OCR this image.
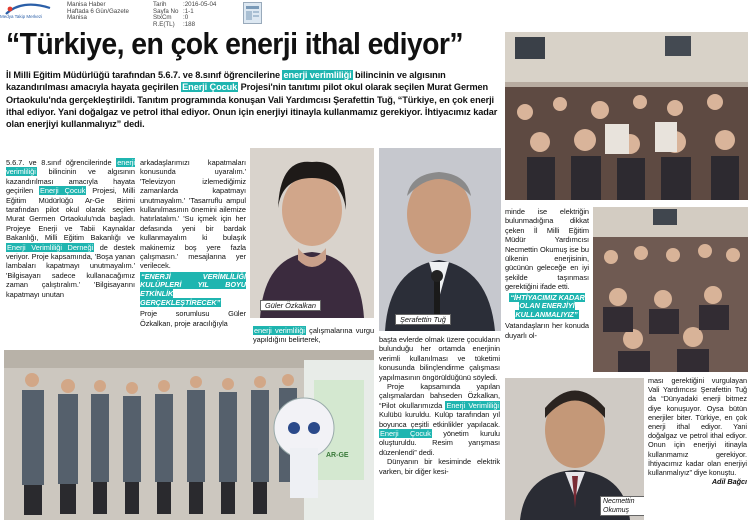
Medya Takip Merkezi
Manisa Haber
Haftada 6 Gün/Gazete
Manisa
Tarih
Sayfa No
StxCm
R.E(TL)
:2016-05-04
:1-1
:0
:188
“Türkiye, en çok enerji ithal ediyor”
İl Milli Eğitim Müdürlüğü tarafından 5.6.7. ve 8.sınıf öğrencilerine enerji verimliliği bilincinin ve algısının kazandırılması amacıyla hayata geçirilen Enerji Çocuk Projesi'nin tanıtımı pilot okul olarak seçilen Murat Germen Ortaokulu'nda gerçekleştirildi. Tanıtım programında konuşan Vali Yardımcısı Şerafettin Tuğ, “Türkiye, en çok enerji ithal ediyor. Yani doğalgaz ve petrol ithal ediyor. Onun için enerjiyi itinayla kullanmamız gerekiyor. İhtiyacımız kadar olan enerjiyi kullanmalıyız” dedi.
Necmettin
Okumuş
5.6.7. ve 8.sınıf öğrencilerinde enerji verimliliği bilincinin ve algısının kazandırılması amacıyla hayata geçirilen Enerji Çocuk Projesi, Milli Eğitim Müdürlüğü Ar-Ge Birimi tarafından pilot okul olarak seçilen Murat Germen Ortaokulu'nda başladı. Projeye Enerji ve Tabii Kaynaklar Bakanlığı, Milli Eğitim Bakanlığı ve Enerji Verimliliği Derneği de destek veriyor. Proje kapsamında, 'Boşa yanan lambaları kapatmayı unutmayalım.' 'Bilgisayarı sadece kullanacağımız zaman çalıştıralım.' 'Bilgisayarını kapatmayı unutan
arkadaşlarımızı kapatmaları konusunda uyaralım.' 'Televizyon izlemediğimiz zamanlarda kapatmayı unutmayalım.' 'Tasarruflu ampul kullanılmasının önemini ailemize hatırlatalım.' 'Su içmek için her defasında yeni bir bardak kullanmayalım ki bulaşık makinemiz boş yere fazla çalışmasın.' mesajlarına yer verilecek.
“ENERJİ VERİMLİLİĞİ KULÜPLERİ YIL BOYU ETKİNLİK GERÇEKLEŞTİRECEK”
Proje sorumlusu Güler Özkalkan, proje aracılığıyla
Güler Özkalkan
Şerafettin Tuğ
enerji verimliliği çalışmalarına vurgu yapıldığını belirterek,	başta evlerde olmak üzere çocukların bulunduğu her ortamda enerjinin verimli kullanılması ve tüketimi konusunda bilinçlendirme çalışması yapılmasının öngörüldüğünü söyledi.
Proje kapsamında yapılan çalışmalardan bahseden Özkalkan, “Pilot okullarımızda Enerji Verimliliği Kulübü kuruldu. Kulüp tarafından yıl boyunca çeşitli etkinlikler yapılacak. Enerji Çocuk yönetim kurulu oluşturuldu. Resim yarışması düzenlendi” dedi.
Dünyanın bir kesiminde elektrik varken, bir diğer kesi-
minde ise elektriğin bulunmadığına dikkat çeken İl Milli Eğitim Müdür Yardımcısı Necmettin Okumuş ise bu ülkenin enerjisinin, gücünün geleceğe en iyi şekilde taşınması gerektiğini ifade etti.
“İHTİYACIMIZ KADAR OLAN ENERJİYİ KULLANMALIYIZ”
Vatandaşların her konuda duyarlı ol-
ması gerektiğini vurgulayan Vali Yardımcısı Şerafettin Tuğ da “Dünyadaki enerji bitmez diye konuşuyor. Oysa bütün enerjiler biter. Türkiye, en çok enerji ithal ediyor. Yani doğalgaz ve petrol ithal ediyor. Onun için enerjiyi itinayla kullanmamız gerekiyor. İhtiyacımız kadar olan enerjiyi kullanmalıyız” diye konuştu.
Adil Bağcı
AR-GE
